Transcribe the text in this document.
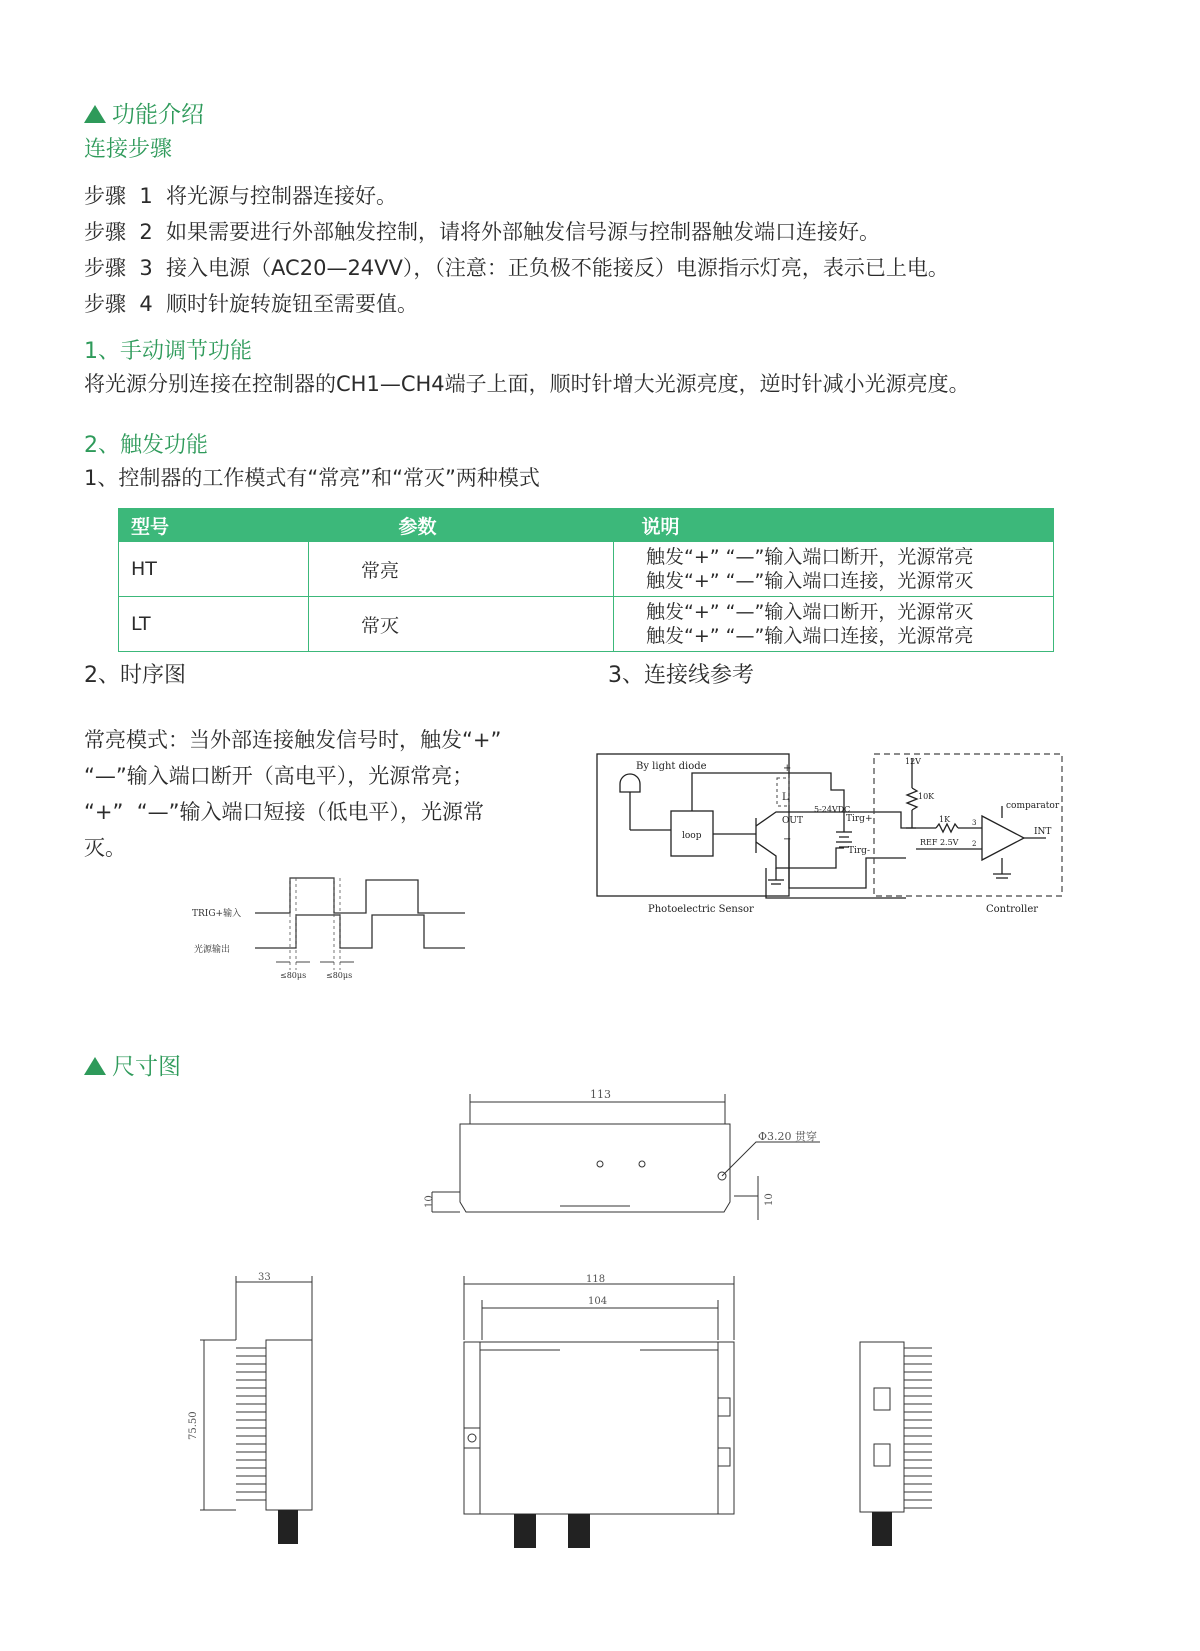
功能介绍
连接步骤
步骤  1  将光源与控制器连接好。
步骤  2  如果需要进行外部触发控制，请将外部触发信号源与控制器触发端口连接好。
步骤  3  接入电源（AC20—24VV），（注意：正负极不能接反）电源指示灯亮，表示已上电。
步骤  4  顺时针旋转旋钮至需要值。
1、手动调节功能
将光源分别连接在控制器的CH1—CH4端子上面，顺时针增大光源亮度，逆时针减小光源亮度。
2、触发功能
1、控制器的工作模式有“常亮”和“常灭”两种模式
型号	参数	说明
HT	常亮	触发“+” “—”输入端口断开，光源常亮
触发“+” “—”输入端口连接，光源常灭

LT	常灭	触发“+” “—”输入端口断开，光源常灭
触发“+” “—”输入端口连接，光源常亮
2、时序图
常亮模式：当外部连接触发信号时，触发“+”
“—”输入端口断开（高电平），光源常亮；
“+”  “—”输入端口短接（低电平），光源常
灭。
TRIG+输入
光源输出
≤80μs ≤80μs
3、连接线参考
By light diode	+
L
OUT
−
loop
5-24VDC
Tirg+
Tirg-
12V
10K
1K
REF 2.5V
3
2
comparator
INT
Photoelectric Sensor	Controller
尺寸图
113
Φ3.20 贯穿
10	10
33
75.50
118
104
